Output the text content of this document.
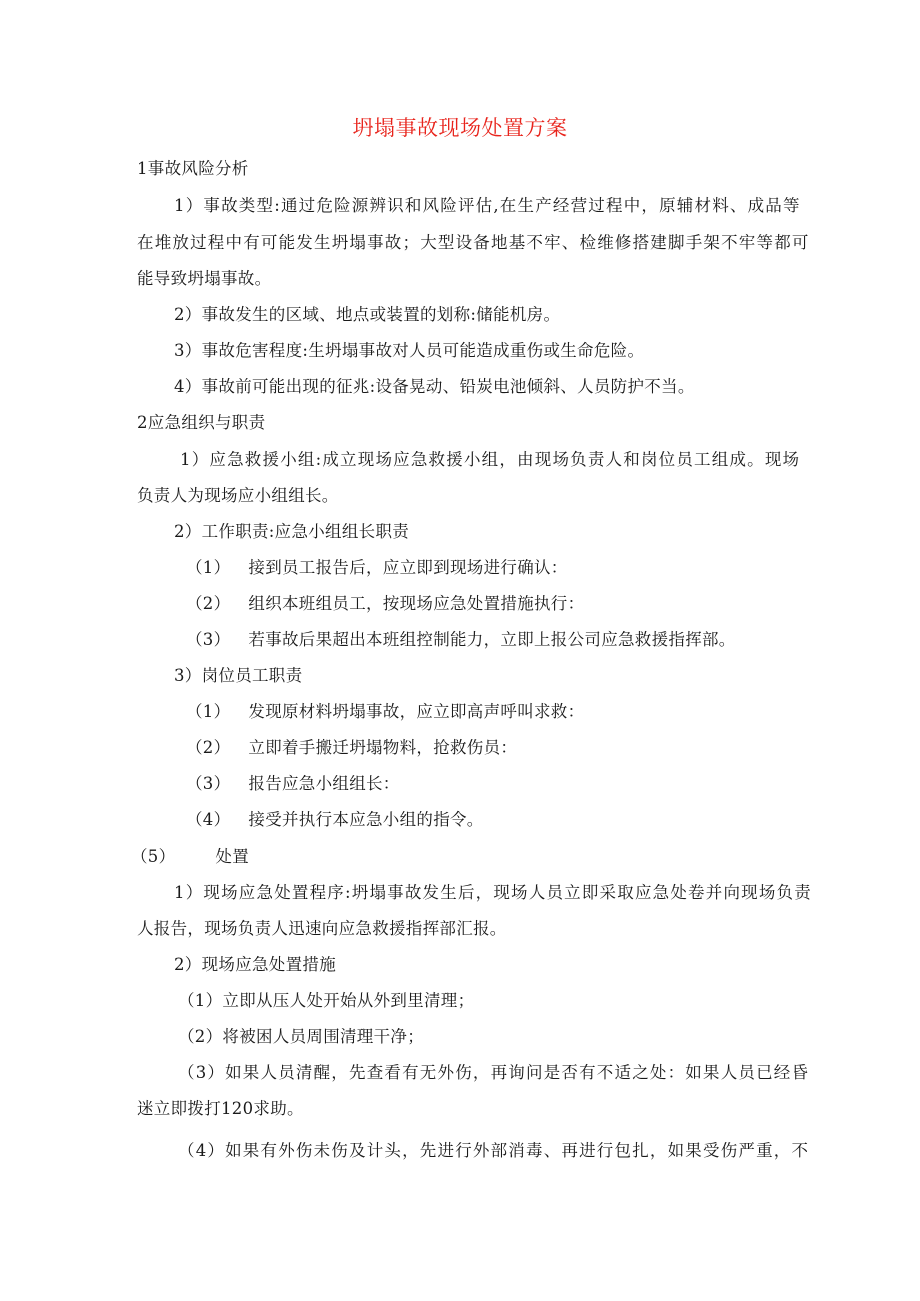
坍塌事故现场处置方案
1事故风险分析
1）事故类型:通过危险源辨识和风险评估,在生产经营过程中，原辅材料、成品等
在堆放过程中有可能发生坍塌事故；大型设备地基不牢、检维修搭建脚手架不牢等都可
能导致坍塌事故。
2）事故发生的区域、地点或装置的划称:储能机房。
3）事故危害程度:生坍塌事故对人员可能造成重伤或生命危险。
4）事故前可能出现的征兆:设备晃动、铅炭电池倾斜、人员防护不当。
2应急组织与职责
1）应急救援小组:成立现场应急救援小组，由现场负责人和岗位员工组成。现场
负责人为现场应小组组长。
2）工作职责:应急小组组长职责
（1） 接到员工报告后，应立即到现场进行确认：
（2） 组织本班组员工，按现场应急处置措施执行：
（3） 若事故后果超出本班组控制能力，立即上报公司应急救援指挥部。
3）岗位员工职责
（1） 发现原材料坍塌事故，应立即高声呼叫求救：
（2） 立即着手搬迁坍塌物料，抢救伤员：
（3） 报告应急小组组长：
（4） 接受并执行本应急小组的指令。
（5） 处置
1）现场应急处置程序:坍塌事故发生后，现场人员立即采取应急处卷并向现场负责
人报告，现场负责人迅速向应急救援指挥部汇报。
2）现场应急处置措施
（1）立即从压人处开始从外到里清理；
（2）将被困人员周围清理干净；
（3）如果人员清醒，先查看有无外伤，再询问是否有不适之处：如果人员已经昏
迷立即拨打120求助。
（4）如果有外伤未伤及计头，先进行外部消毒、再进行包扎，如果受伤严重，不
